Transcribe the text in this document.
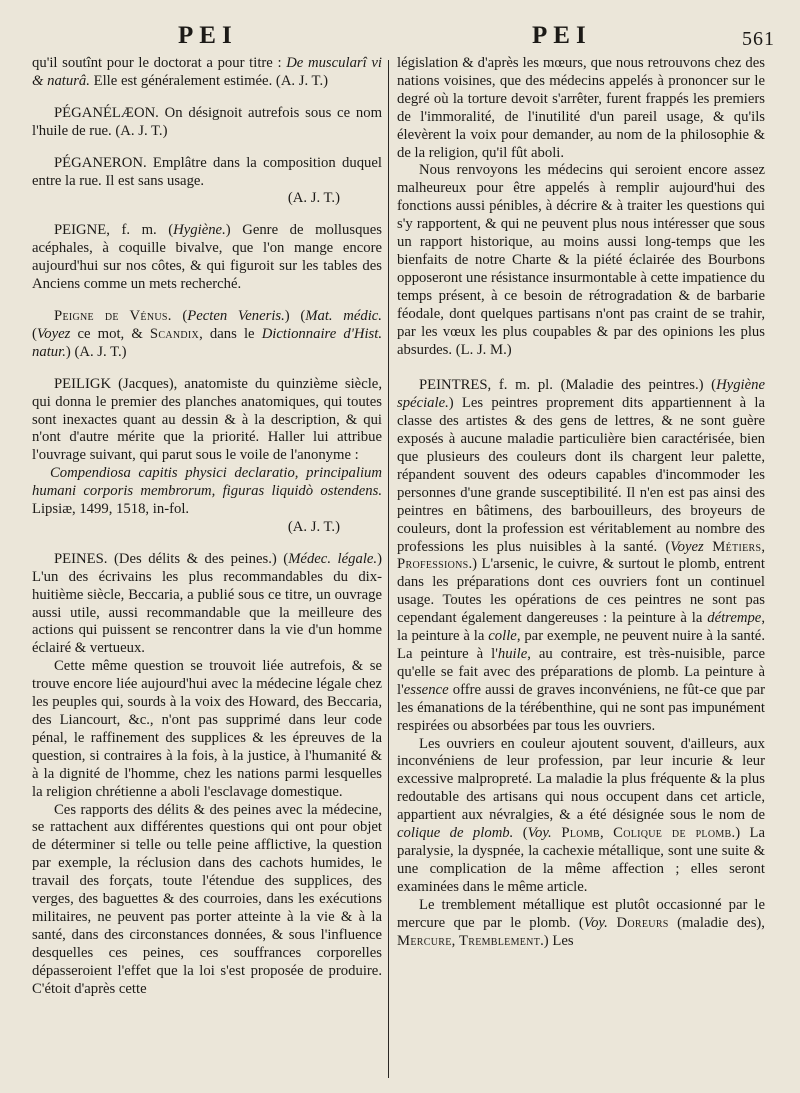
PEI	PEI	561

qu'il soutînt pour le doctorat a pour titre : De muscularî vi & naturâ. Elle est généralement estimée. (A. J. T.)

PÉGANÉLÆON. On désignoit autrefois sous ce nom l'huile de rue. (A. J. T.)

PÉGANERON. Emplâtre dans la composition duquel entre la rue. Il est sans usage.

(A. J. T.)

PEIGNE, f. m. (Hygiène.) Genre de mollusques acéphales, à coquille bivalve, que l'on mange encore aujourd'hui sur nos côtes, & qui figuroit sur les tables des Anciens comme un mets recherché.

Peigne de Vénus. (Pecten Veneris.) (Mat. médic. (Voyez ce mot, & Scandix, dans le Dictionnaire d'Hist. natur.) (A. J. T.)

PEILIGK (Jacques), anatomiste du quinzième siècle, qui donna le premier des planches anatomiques, qui toutes sont inexactes quant au dessin & à la description, & qui n'ont d'autre mérite que la priorité. Haller lui attribue l'ouvrage suivant, qui parut sous le voile de l'anonyme :

Compendiosa capitis physici declaratio, principalium humani corporis membrorum, figuras liquidò ostendens. Lipsiæ, 1499, 1518, in-fol.

(A. J. T.)

PEINES. (Des délits & des peines.) (Médec. légale.) L'un des écrivains les plus recommandables du dix-huitième siècle, Beccaria, a publié sous ce titre, un ouvrage aussi utile, aussi recommandable que la meilleure des actions qui puissent se rencontrer dans la vie d'un homme éclairé & vertueux.

Cette même question se trouvoit liée autrefois, & se trouve encore liée aujourd'hui avec la médecine légale chez les peuples qui, sourds à la voix des Howard, des Beccaria, des Liancourt, &c., n'ont pas supprimé dans leur code pénal, le raffinement des supplices & les épreuves de la question, si contraires à la fois, à la justice, à l'humanité & à la dignité de l'homme, chez les nations parmi lesquelles la religion chrétienne a aboli l'esclavage domestique.

Ces rapports des délits & des peines avec la médecine, se rattachent aux différentes questions qui ont pour objet de déterminer si telle ou telle peine afflictive, la question par exemple, la réclusion dans des cachots humides, le travail des forçats, toute l'étendue des supplices, des verges, des baguettes & des courroies, dans les exécutions militaires, ne peuvent pas porter atteinte à la vie & à la santé, dans des circonstances données, & sous l'influence desquelles ces peines, ces souffrances corporelles dépasseroient l'effet que la loi s'est proposée de produire. C'étoit d'après cette

législation & d'après les mœurs, que nous retrouvons chez des nations voisines, que des médecins appelés à prononcer sur le degré où la torture devoit s'arrêter, furent frappés les premiers de l'immoralité, de l'inutilité d'un pareil usage, & qu'ils élevèrent la voix pour demander, au nom de la philosophie & de la religion, qu'il fût aboli.

Nous renvoyons les médecins qui seroient encore assez malheureux pour être appelés à remplir aujourd'hui des fonctions aussi pénibles, à décrire & à traiter les questions qui s'y rapportent, & qui ne peuvent plus nous intéresser que sous un rapport historique, au moins aussi long-temps que les bienfaits de notre Charte & la piété éclairée des Bourbons opposeront une résistance insurmontable à cette impatience du temps présent, à ce besoin de rétrogradation & de barbarie féodale, dont quelques partisans n'ont pas craint de se trahir, par les vœux les plus coupables & par des opinions les plus absurdes. (L. J. M.)

PEINTRES, f. m. pl. (Maladie des peintres.) (Hygiène spéciale.) Les peintres proprement dits appartiennent à la classe des artistes & des gens de lettres, & ne sont guère exposés à aucune maladie particulière bien caractérisée, bien que plusieurs des couleurs dont ils chargent leur palette, répandent souvent des odeurs capables d'incommoder les personnes d'une grande susceptibilité. Il n'en est pas ainsi des peintres en bâtimens, des barbouilleurs, des broyeurs de couleurs, dont la profession est véritablement au nombre des professions les plus nuisibles à la santé. (Voyez Métiers, Professions.) L'arsenic, le cuivre, & surtout le plomb, entrent dans les préparations dont ces ouvriers font un continuel usage. Toutes les opérations de ces peintres ne sont pas cependant également dangereuses : la peinture à la détrempe, la peinture à la colle, par exemple, ne peuvent nuire à la santé. La peinture à l'huile, au contraire, est très-nuisible, parce qu'elle se fait avec des préparations de plomb. La peinture à l'essence offre aussi de graves inconvéniens, ne fût-ce que par les émanations de la térébenthine, qui ne sont pas impunément respirées ou absorbées par tous les ouvriers.

Les ouvriers en couleur ajoutent souvent, d'ailleurs, aux inconvéniens de leur profession, par leur incurie & leur excessive malpropreté. La maladie la plus fréquente & la plus redoutable des artisans qui nous occupent dans cet article, appartient aux névralgies, & a été désignée sous le nom de colique de plomb. (Voy. Plomb, Colique de plomb.) La paralysie, la dyspnée, la cachexie métallique, sont une suite & une complication de la même affection ; elles seront examinées dans le même article.

Le tremblement métallique est plutôt occasionné par le mercure que par le plomb. (Voy. Doreurs (maladie des), Mercure, Tremblement.) Les
